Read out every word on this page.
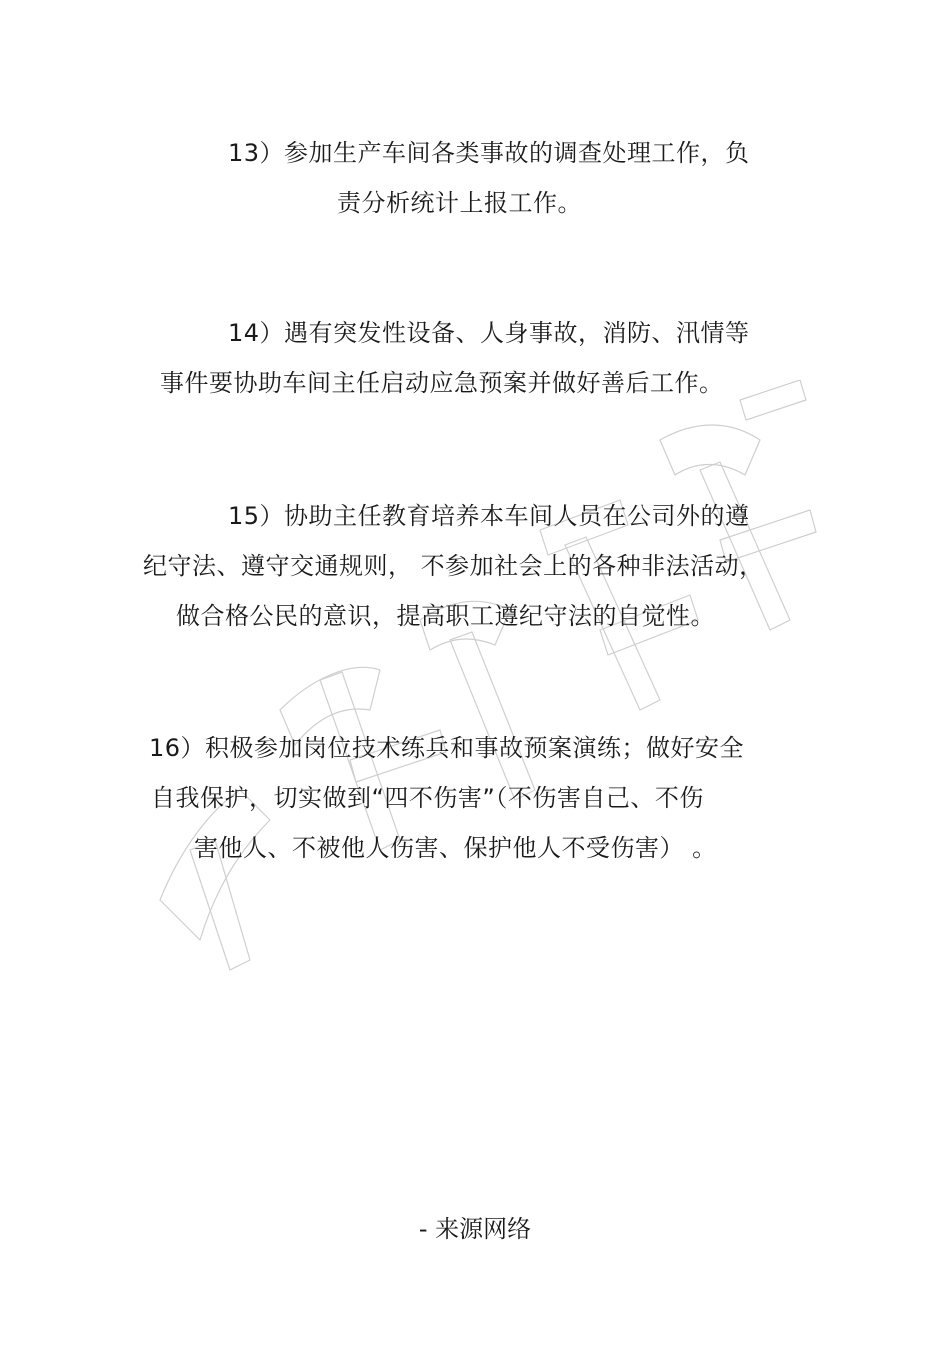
13）参加生产车间各类事故的调查处理工作，负
责分析统计上报工作。
14）遇有突发性设备、人身事故，消防、汛情等
事件要协助车间主任启动应急预案并做好善后工作。
15）协助主任教育培养本车间人员在公司外的遵
纪守法、遵守交通规则， 不参加社会上的各种非法活动，
做合格公民的意识，提高职工遵纪守法的自觉性。
16）积极参加岗位技术练兵和事故预案演练；做好安全
自我保护，切实做到“四不伤害”（不伤害自己、不伤
害他人、不被他人伤害、保护他人不受伤害） 。
- 来源网络
